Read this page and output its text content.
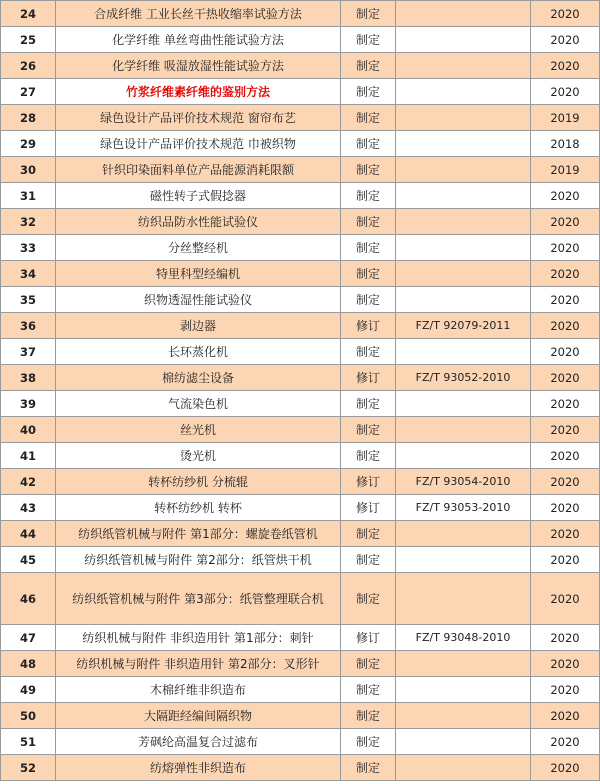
24	合成纤维 工业长丝干热收缩率试验方法	制定		2020
25	化学纤维 单丝弯曲性能试验方法	制定		2020
26	化学纤维 吸湿放湿性能试验方法	制定		2020
27	竹浆纤维素纤维的鉴别方法	制定		2020
28	绿色设计产品评价技术规范 窗帘布艺	制定		2019
29	绿色设计产品评价技术规范 巾被织物	制定		2018
30	针织印染面料单位产品能源消耗限额	制定		2019
31	磁性转子式假捻器	制定		2020
32	纺织品防水性能试验仪	制定		2020
33	分丝整经机	制定		2020
34	特里科型经编机	制定		2020
35	织物透湿性能试验仪	制定		2020
36	剥边器	修订	FZ/T 92079-2011	2020
37	长环蒸化机	制定		2020
38	棉纺滤尘设备	修订	FZ/T 93052-2010	2020
39	气流染色机	制定		2020
40	丝光机	制定		2020
41	烫光机	制定		2020
42	转杯纺纱机 分梳辊	修订	FZ/T 93054-2010	2020
43	转杯纺纱机 转杯	修订	FZ/T 93053-2010	2020
44	纺织纸管机械与附件 第1部分：螺旋卷纸管机	制定		2020
45	纺织纸管机械与附件 第2部分：纸管烘干机	制定		2020
46	纺织纸管机械与附件 第3部分：纸管整理联合机	制定		2020
47	纺织机械与附件 非织造用针 第1部分：刺针	修订	FZ/T 93048-2010	2020
48	纺织机械与附件 非织造用针 第2部分：叉形针	制定		2020
49	木棉纤维非织造布	制定		2020
50	大隔距经编间隔织物	制定		2020
51	芳砜纶高温复合过滤布	制定		2020
52	纺熔弹性非织造布	制定		2020
